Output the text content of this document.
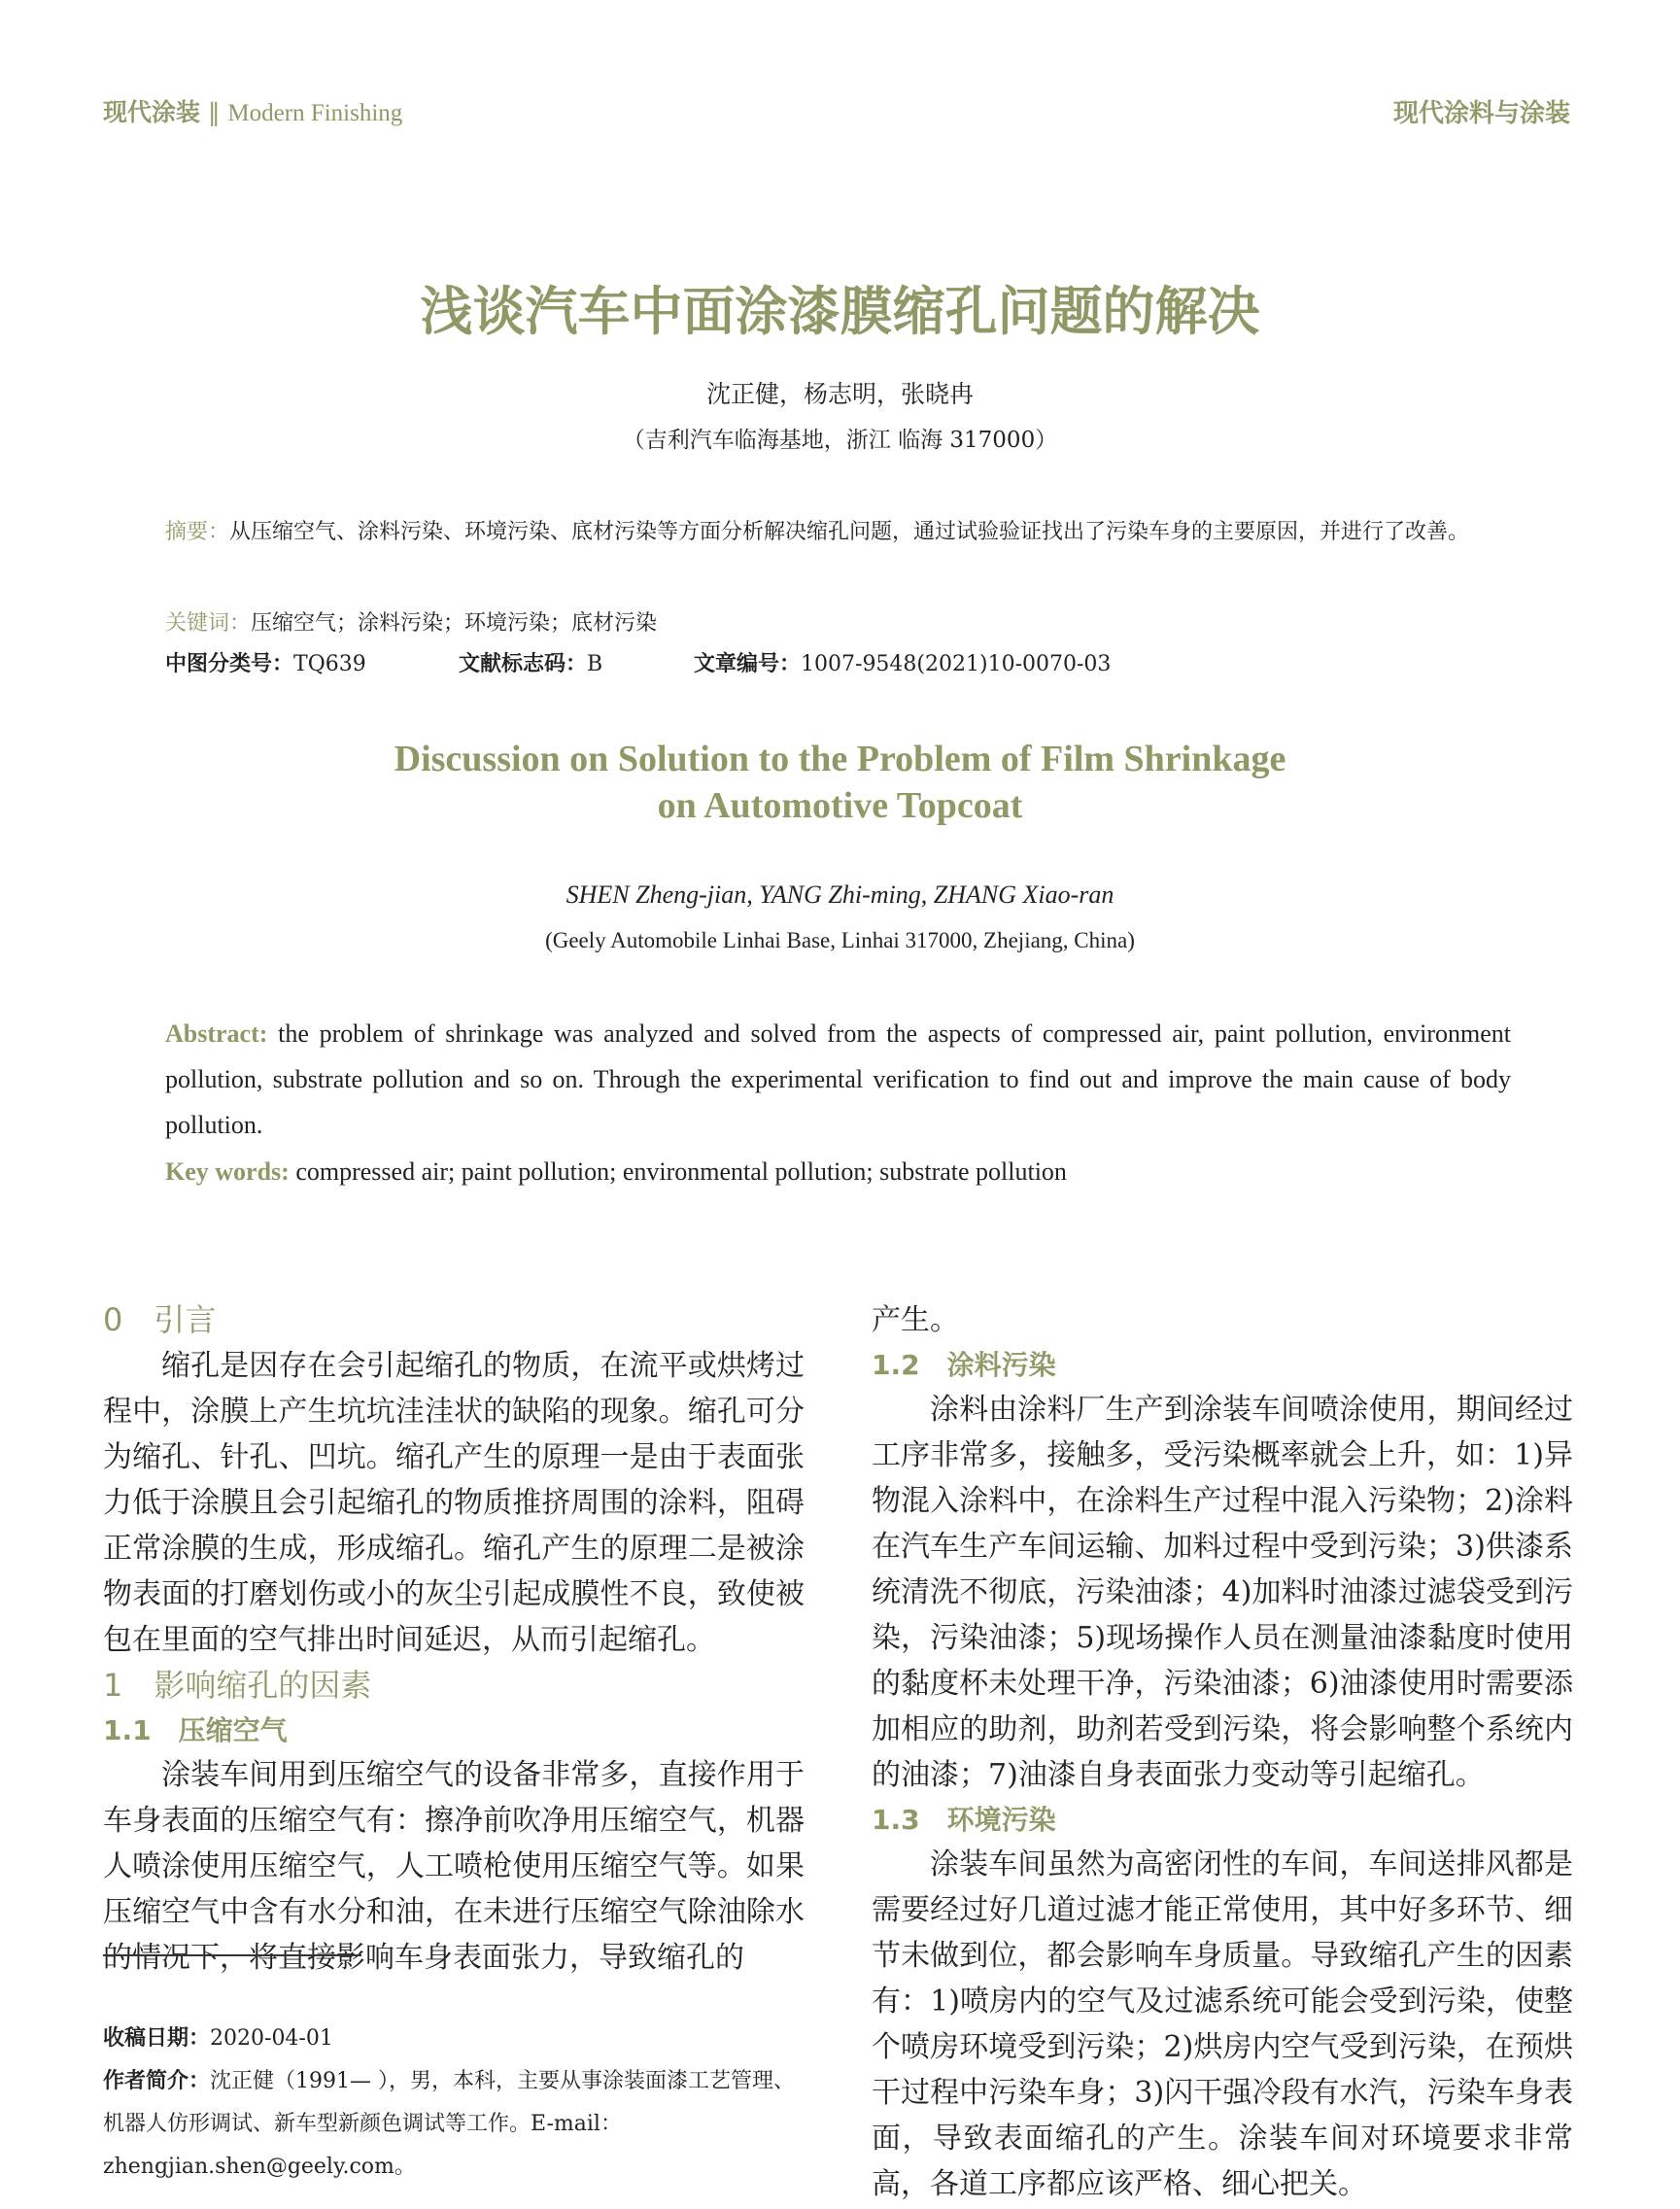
现代涂装 ‖ Modern Finishing	现代涂料与涂装
浅谈汽车中面涂漆膜缩孔问题的解决
沈正健，杨志明，张晓冉
（吉利汽车临海基地，浙江 临海 317000）
摘要：从压缩空气、涂料污染、环境污染、底材污染等方面分析解决缩孔问题，通过试验验证找出了污染车身的主要原因，并进行了改善。
关键词：压缩空气；涂料污染；环境污染；底材污染
中图分类号：TQ639	文献标志码：B	文章编号：1007-9548(2021)10-0070-03
Discussion on Solution to the Problem of Film Shrinkage
on Automotive Topcoat
SHEN Zheng-jian, YANG Zhi-ming, ZHANG Xiao-ran
(Geely Automobile Linhai Base, Linhai 317000, Zhejiang, China)
Abstract: the problem of shrinkage was analyzed and solved from the aspects of compressed air, paint pollution, environment pollution, substrate pollution and so on. Through the experimental verification to find out and improve the main cause of body pollution.
Key words: compressed air; paint pollution; environmental pollution; substrate pollution
0　引言

缩孔是因存在会引起缩孔的物质，在流平或烘烤过程中，涂膜上产生坑坑洼洼状的缺陷的现象。缩孔可分为缩孔、针孔、凹坑。缩孔产生的原理一是由于表面张力低于涂膜且会引起缩孔的物质推挤周围的涂料，阻碍正常涂膜的生成，形成缩孔。缩孔产生的原理二是被涂物表面的打磨划伤或小的灰尘引起成膜性不良，致使被包在里面的空气排出时间延迟，从而引起缩孔。

1　影响缩孔的因素
1.1　压缩空气

涂装车间用到压缩空气的设备非常多，直接作用于车身表面的压缩空气有：擦净前吹净用压缩空气，机器人喷涂使用压缩空气，人工喷枪使用压缩空气等。如果压缩空气中含有水分和油，在未进行压缩空气除油除水的情况下，将直接影响车身表面张力，导致缩孔的

产生。

1.2　涂料污染

涂料由涂料厂生产到涂装车间喷涂使用，期间经过工序非常多，接触多，受污染概率就会上升，如：1)异物混入涂料中，在涂料生产过程中混入污染物；2)涂料在汽车生产车间运输、加料过程中受到污染；3)供漆系统清洗不彻底，污染油漆；4)加料时油漆过滤袋受到污染，污染油漆；5)现场操作人员在测量油漆黏度时使用的黏度杯未处理干净，污染油漆；6)油漆使用时需要添加相应的助剂，助剂若受到污染，将会影响整个系统内的油漆；7)油漆自身表面张力变动等引起缩孔。

1.3　环境污染

涂装车间虽然为高密闭性的车间，车间送排风都是需要经过好几道过滤才能正常使用，其中好多环节、细节未做到位，都会影响车身质量。导致缩孔产生的因素有：1)喷房内的空气及过滤系统可能会受到污染，使整个喷房环境受到污染；2)烘房内空气受到污染，在预烘干过程中污染车身；3)闪干强冷段有水汽，污染车身表面，导致表面缩孔的产生。涂装车间对环境要求非常高，各道工序都应该严格、细心把关。

收稿日期：2020-04-01

作者简介：沈正健（1991— ），男，本科，主要从事涂装面漆工艺管理、机器人仿形调试、新车型新颜色调试等工作。E-mail：zhengjian.shen@geely.com。
